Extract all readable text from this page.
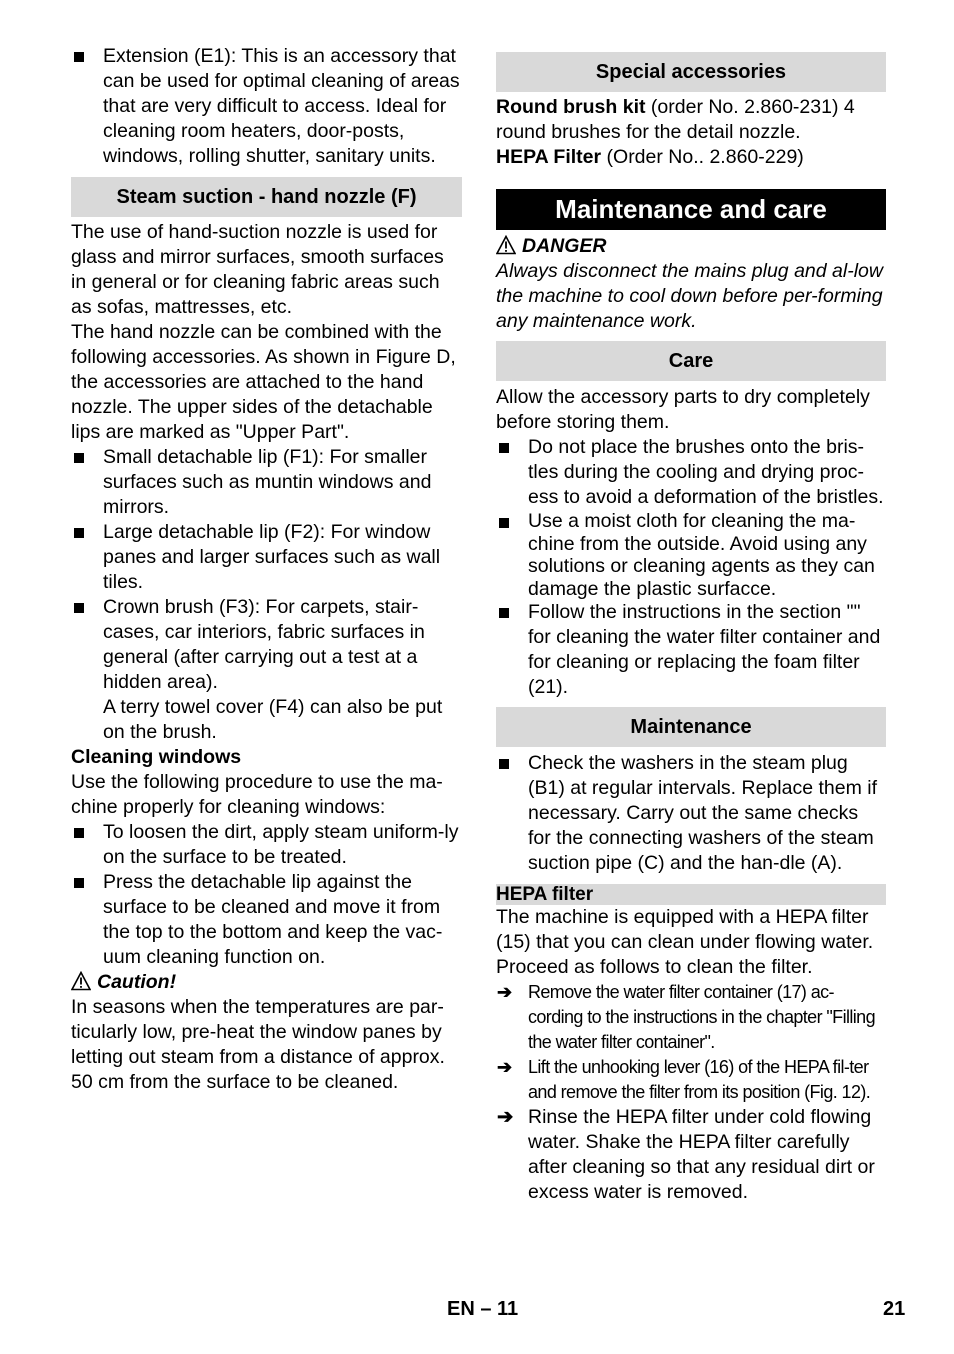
Extension (E1): This is an accessory that can be used for optimal cleaning of areas that are very difficult to access. Ideal for cleaning room heaters, door-posts, windows, rolling shutter, sanitary units.
Steam suction - hand nozzle (F)

The use of hand-suction nozzle is used for glass and mirror surfaces, smooth surfaces in general or for cleaning fabric areas such as sofas, mattresses, etc.

The hand nozzle can be combined with the following accessories. As shown in Figure D, the accessories are attached to the hand nozzle. The upper sides of the detachable lips are marked as "Upper Part".

Small detachable lip (F1): For smaller surfaces such as muntin windows and mirrors.
Large detachable lip (F2): For window panes and larger surfaces such as wall tiles.
Crown brush (F3): For carpets, stair-cases, car interiors, fabric surfaces in general (after carrying out a test at a hidden area).
A terry towel cover (F4) can also be put on the brush.

Cleaning windows

Use the following procedure to use the ma-chine properly for cleaning windows:

To loosen the dirt, apply steam uniform-ly on the surface to be treated.
Press the detachable lip against the surface to be cleaned and move it from the top to the bottom and keep the vac-uum cleaning function on.

Caution!

In seasons when the temperatures are par-ticularly low, pre-heat the window panes by letting out steam from a distance of approx. 50 cm from the surface to be cleaned.

Special accessories

Round brush kit (order No. 2.860-231) 4 round brushes for the detail nozzle.

HEPA Filter (Order No.. 2.860-229)

Maintenance and care

DANGER

Always disconnect the mains plug and al-low the machine to cool down before per-forming any maintenance work.

Care

Allow the accessory parts to dry completely before storing them.

Do not place the brushes onto the bris-tles during the cooling and drying proc-ess to avoid a deformation of the bristles.
Use a moist cloth for cleaning the ma-chine from the outside. Avoid using any solutions or cleaning agents as they can damage the plastic surfacce.
Follow the instructions in the section "" for cleaning the water filter container and for cleaning or replacing the foam filter (21).
Maintenance
Check the washers in the steam plug (B1) at regular intervals. Replace them if necessary. Carry out the same checks for the connecting washers of the steam suction pipe (C) and the han-dle (A).
HEPA filter

The machine is equipped with a HEPA filter (15) that you can clean under flowing water. Proceed as follows to clean the filter.

➔ Remove the water filter container (17) ac-cording to the instructions in the chapter "Filling the water filter container".
➔ Lift the unhooking lever (16) of the HEPA fil-ter and remove the filter from its position (Fig. 12).
➔ Rinse the HEPA filter under cold flowing water. Shake the HEPA filter carefully after cleaning so that any residual dirt or excess water is removed.
EN – 11	21
